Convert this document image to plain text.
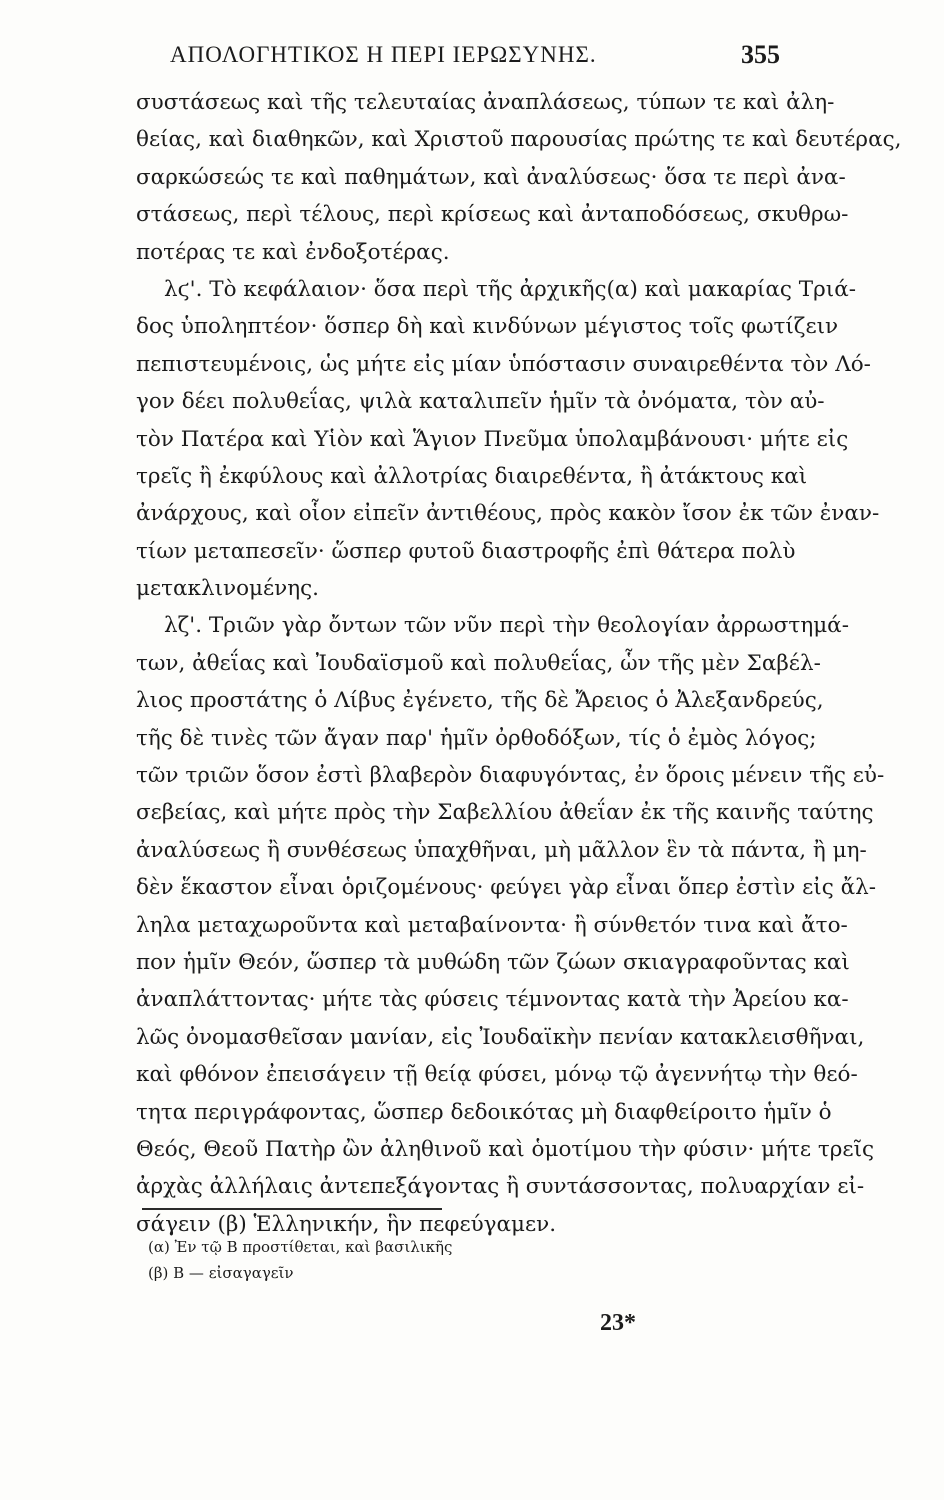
ΑΠΟΛΟΓΗΤΙΚΟΣ Η ΠΕΡΙ ΙΕΡΩΣΥΝΗΣ.	355
συστάσεως καὶ τῆς τελευταίας ἀναπλάσεως, τύπων τε καὶ ἀλη-
θείας, καὶ διαθηκῶν, καὶ Χριστοῦ παρουσίας πρώτης τε καὶ δευτέρας,
σαρκώσεώς τε καὶ παθημάτων, καὶ ἀναλύσεως· ὅσα τε περὶ ἀνα-
στάσεως, περὶ τέλους, περὶ κρίσεως καὶ ἀνταποδόσεως, σκυθρω-
ποτέρας τε καὶ ἐνδοξοτέρας.
λϛ'. Τὸ κεφάλαιον· ὅσα περὶ τῆς ἀρχικῆς(α) καὶ μακαρίας Τριά-
δος ὑποληπτέον· ὅσπερ δὴ καὶ κινδύνων μέγιστος τοῖς φωτίζειν
πεπιστευμένοις, ὡς μήτε εἰς μίαν ὑπόστασιν συναιρεθέντα τὸν Λό-
γον δέει πολυθεΐας, ψιλὰ καταλιπεῖν ἡμῖν τὰ ὀνόματα, τὸν αὐ-
τὸν Πατέρα καὶ Υἱὸν καὶ Ἅγιον Πνεῦμα ὑπολαμβάνουσι· μήτε εἰς
τρεῖς ἢ ἐκφύλους καὶ ἀλλοτρίας διαιρεθέντα, ἢ ἀτάκτους καὶ
ἀνάρχους, καὶ οἷον εἰπεῖν ἀντιθέους, πρὸς κακὸν ἴσον ἐκ τῶν ἐναν-
τίων μεταπεσεῖν· ὥσπερ φυτοῦ διαστροφῆς ἐπὶ θάτερα πολὺ
μετακλινομένης.
λζ'. Τριῶν γὰρ ὄντων τῶν νῦν περὶ τὴν θεολογίαν ἀρρωστημά-
των, ἀθεΐας καὶ Ἰουδαϊσμοῦ καὶ πολυθεΐας, ὧν τῆς μὲν Σαβέλ-
λιος προστάτης ὁ Λίβυς ἐγένετο, τῆς δὲ Ἄρειος ὁ Ἀλεξανδρεύς,
τῆς δὲ τινὲς τῶν ἄγαν παρ' ἡμῖν ὀρθοδόξων, τίς ὁ ἐμὸς λόγος;
τῶν τριῶν ὅσον ἐστὶ βλαβερὸν διαφυγόντας, ἐν ὅροις μένειν τῆς εὐ-
σεβείας, καὶ μήτε πρὸς τὴν Σαβελλίου ἀθεΐαν ἐκ τῆς καινῆς ταύτης
ἀναλύσεως ἢ συνθέσεως ὑπαχθῆναι, μὴ μᾶλλον ἓν τὰ πάντα, ἢ μη-
δὲν ἕκαστον εἶναι ὁριζομένους· φεύγει γὰρ εἶναι ὅπερ ἐστὶν εἰς ἄλ-
ληλα μεταχωροῦντα καὶ μεταβαίνοντα· ἢ σύνθετόν τινα καὶ ἄτο-
πον ἡμῖν Θεόν, ὥσπερ τὰ μυθώδη τῶν ζώων σκιαγραφοῦντας καὶ
ἀναπλάττοντας· μήτε τὰς φύσεις τέμνοντας κατὰ τὴν Ἀρείου κα-
λῶς ὀνομασθεῖσαν μανίαν, εἰς Ἰουδαϊκὴν πενίαν κατακλεισθῆναι,
καὶ φθόνον ἐπεισάγειν τῇ θείᾳ φύσει, μόνῳ τῷ ἀγεννήτῳ τὴν θεό-
τητα περιγράφοντας, ὥσπερ δεδοικότας μὴ διαφθείροιτο ἡμῖν ὁ
Θεός, Θεοῦ Πατὴρ ὢν ἀληθινοῦ καὶ ὁμοτίμου τὴν φύσιν· μήτε τρεῖς
ἀρχὰς ἀλλήλαις ἀντεπεξάγοντας ἢ συντάσσοντας, πολυαρχίαν εἰ-
σάγειν (β) Ἑλληνικήν, ἣν πεφεύγαμεν.
(α) Ἐν τῷ Β προστίθεται, καὶ βασιλικῆς
(β) Β — εἰσαγαγεῖν
23*
